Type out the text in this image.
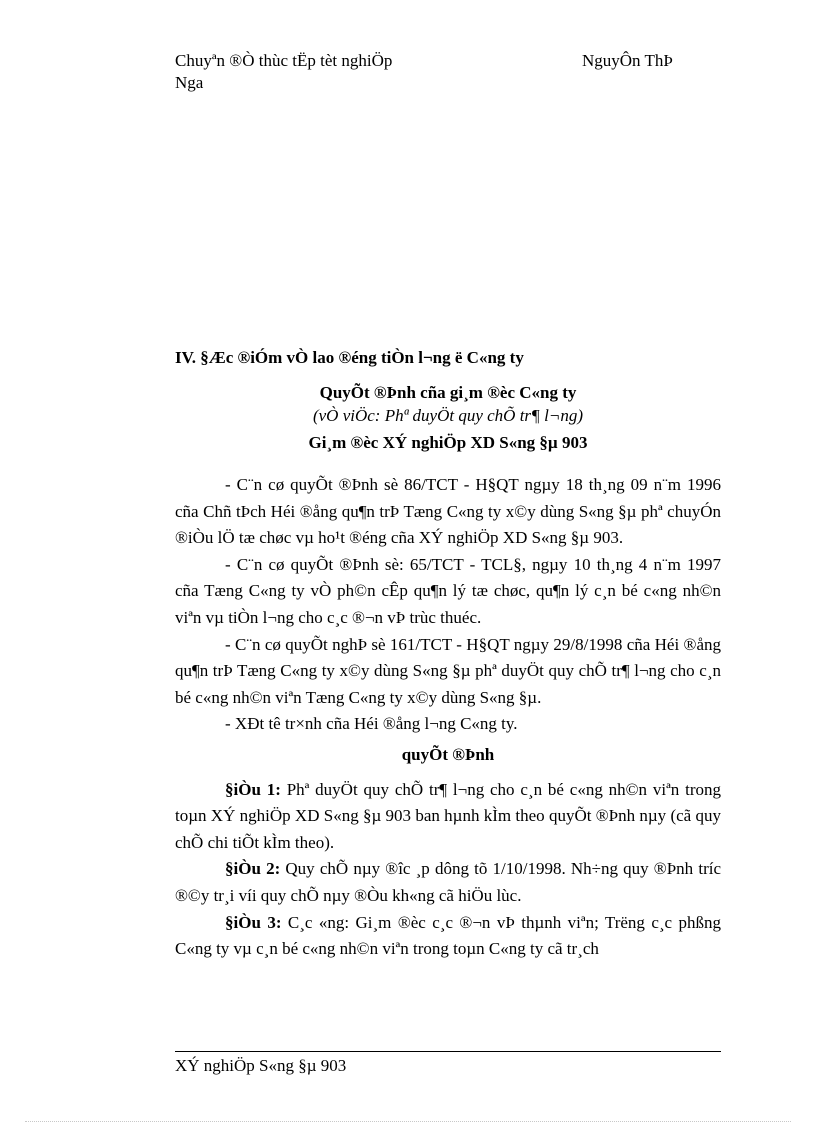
Chuyªn ®Ò thùc tËp tèt nghiÖp	NguyÔn ThÞ
Nga
IV. §Æc ®iÓm vÒ lao ®éng tiÒn l¬ng ë C«ng ty
QuyÕt ®Þnh cña gi¸m ®èc C«ng ty
(vÒ viÖc: Phª duyÖt quy chÕ tr¶ l¬ng)
Gi¸m ®èc XÝ nghiÖp XD S«ng §µ 903

- C¨n cø quyÕt ®Þnh sè 86/TCT - H§QT ngµy 18 th¸ng 09 n¨m 1996 cña Chñ tÞch Héi ®ång qu¶n trÞ Tæng C«ng ty x©y dùng S«ng §µ phª chuyÓn ®iÒu lÖ tæ chøc vµ ho¹t ®éng cña XÝ nghiÖp XD S«ng §µ 903.

- C¨n cø quyÕt ®Þnh sè: 65/TCT - TCL§, ngµy 10 th¸ng 4 n¨m 1997 cña Tæng C«ng ty vÒ ph©n cÊp qu¶n lý tæ chøc, qu¶n lý c¸n bé c«ng nh©n viªn vµ tiÒn l¬ng cho c¸c ®¬n vÞ trùc thuéc.

- C¨n cø quyÕt nghÞ sè 161/TCT - H§QT ngµy 29/8/1998 cña Héi ®ång qu¶n trÞ Tæng C«ng ty x©y dùng S«ng §µ phª duyÖt quy chÕ tr¶ l¬ng cho c¸n bé c«ng nh©n viªn Tæng C«ng ty x©y dùng S«ng §µ.

- XÐt tê tr×nh cña Héi ®ång l¬ng C«ng ty.

quyÕt ®Þnh

§iÒu 1: Phª duyÖt quy chÕ tr¶ l¬ng cho c¸n bé c«ng nh©n viªn trong toµn XÝ nghiÖp XD S«ng §µ 903 ban hµnh kÌm theo quyÕt ®Þnh nµy (cã quy chÕ chi tiÕt kÌm theo).

§iÒu 2: Quy chÕ nµy ®îc ¸p dông tõ 1/10/1998. Nh÷ng quy ®Þnh tríc ®©y tr¸i víi quy chÕ nµy ®Òu kh«ng cã hiÖu lùc.

§iÒu 3: C¸c «ng: Gi¸m ®èc c¸c ®¬n vÞ thµnh viªn; Trëng c¸c phßng C«ng ty vµ c¸n bé c«ng nh©n viªn trong toµn C«ng ty cã tr¸ch

XÝ nghiÖp S«ng §µ 903
